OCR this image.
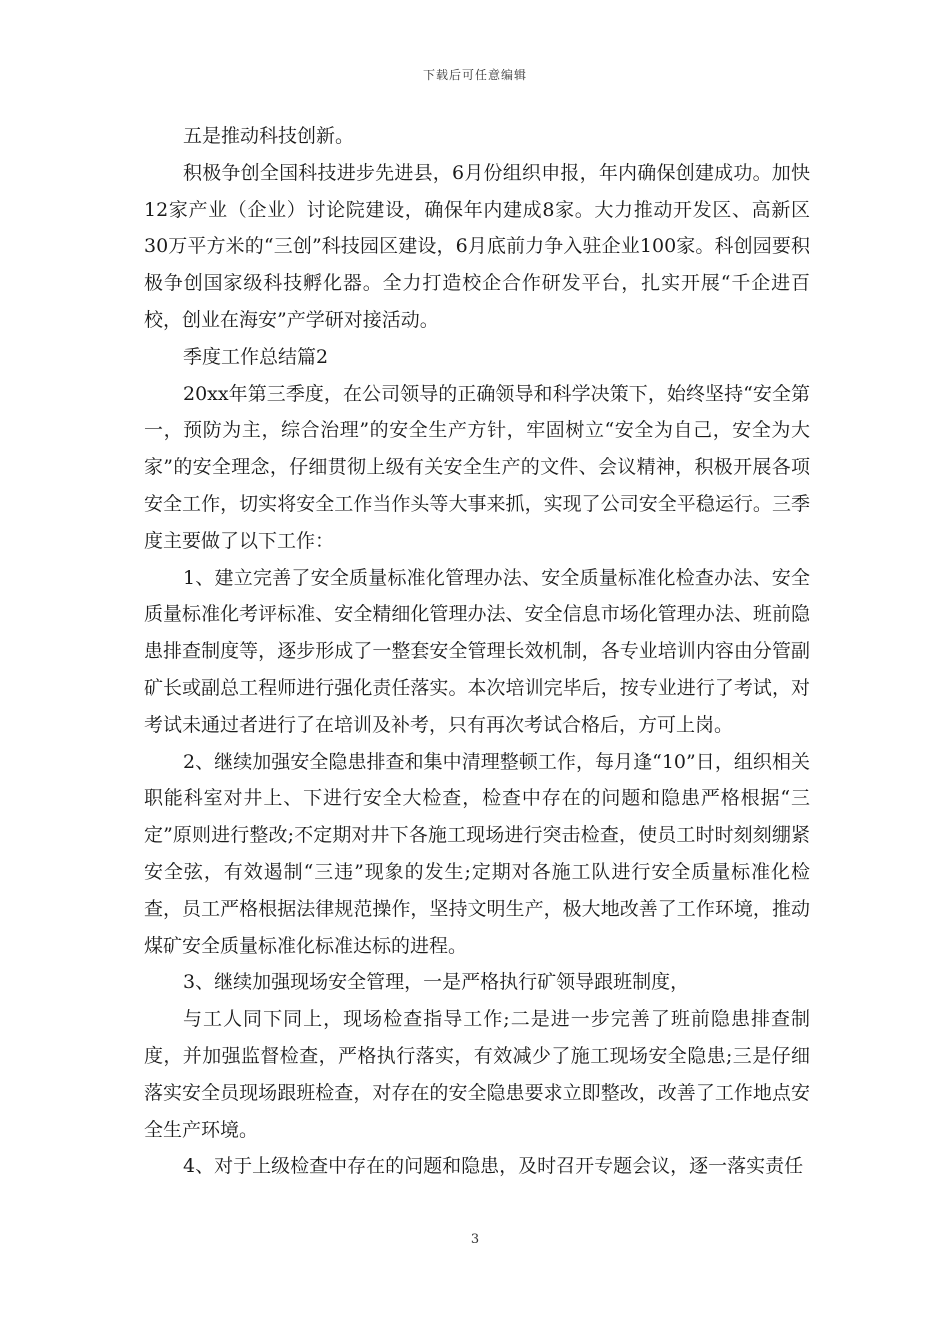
下载后可任意编辑

五是推动科技创新。

积极争创全国科技进步先进县，6月份组织申报，年内确保创建成功。加快12家产业（企业）讨论院建设，确保年内建成8家。大力推动开发区、高新区30万平方米的“三创”科技园区建设，6月底前力争入驻企业100家。科创园要积极争创国家级科技孵化器。全力打造校企合作研发平台，扎实开展“千企进百校，创业在海安”产学研对接活动。

季度工作总结篇2

20xx年第三季度，在公司领导的正确领导和科学决策下，始终坚持“安全第一，预防为主，综合治理”的安全生产方针，牢固树立“安全为自己，安全为大家”的安全理念，仔细贯彻上级有关安全生产的文件、会议精神，积极开展各项安全工作，切实将安全工作当作头等大事来抓，实现了公司安全平稳运行。三季度主要做了以下工作：

1、建立完善了安全质量标准化管理办法、安全质量标准化检查办法、安全质量标准化考评标准、安全精细化管理办法、安全信息市场化管理办法、班前隐患排查制度等，逐步形成了一整套安全管理长效机制，各专业培训内容由分管副矿长或副总工程师进行强化责任落实。本次培训完毕后，按专业进行了考试，对考试未通过者进行了在培训及补考，只有再次考试合格后，方可上岗。

2、继续加强安全隐患排查和集中清理整顿工作，每月逢“10”日，组织相关职能科室对井上、下进行安全大检查，检查中存在的问题和隐患严格根据“三定”原则进行整改;不定期对井下各施工现场进行突击检查，使员工时时刻刻绷紧安全弦，有效遏制“三违”现象的发生;定期对各施工队进行安全质量标准化检查，员工严格根据法律规范操作，坚持文明生产，极大地改善了工作环境，推动煤矿安全质量标准化标准达标的进程。

3、继续加强现场安全管理，一是严格执行矿领导跟班制度，

与工人同下同上，现场检查指导工作;二是进一步完善了班前隐患排查制度，并加强监督检查，严格执行落实，有效减少了施工现场安全隐患;三是仔细落实安全员现场跟班检查，对存在的安全隐患要求立即整改，改善了工作地点安全生产环境。

4、对于上级检查中存在的问题和隐患，及时召开专题会议，逐一落实责任

3
